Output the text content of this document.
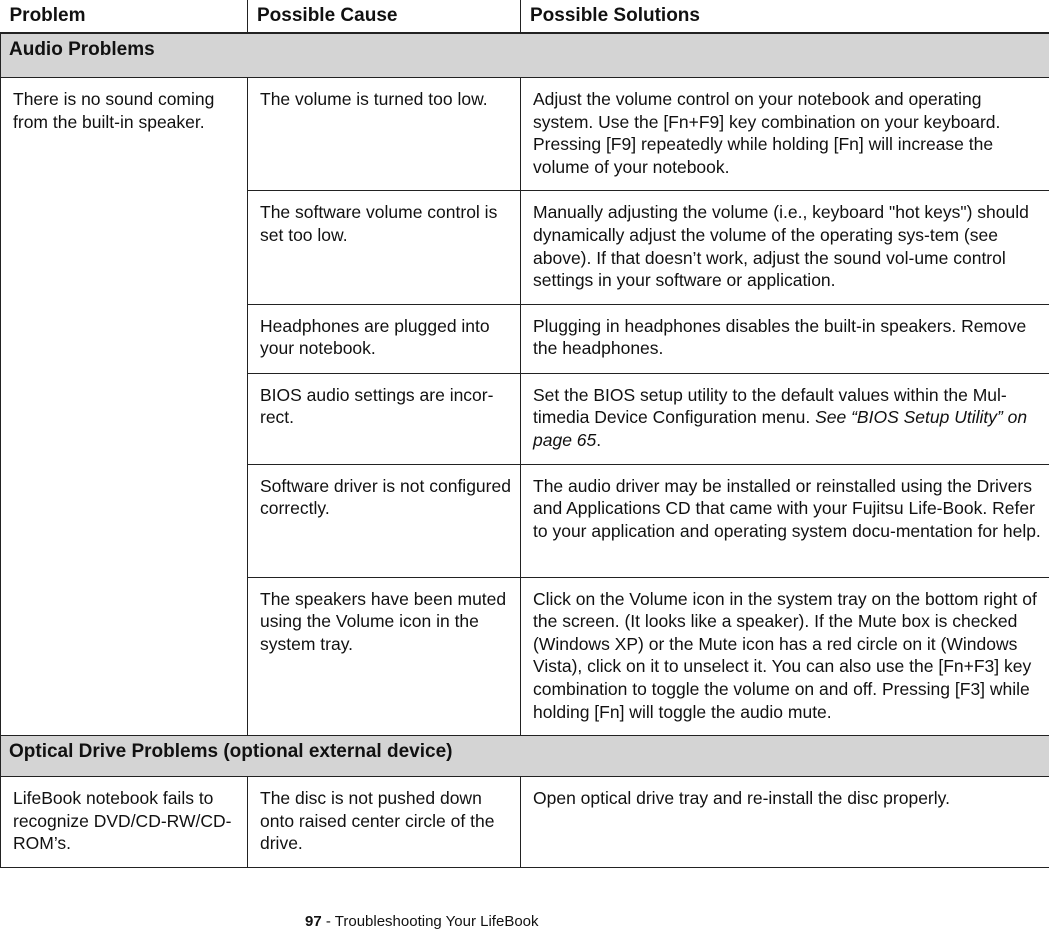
Problem	Possible Cause	Possible Solutions
Audio Problems		
There is no sound coming from the built-in speaker.	The volume is turned too low.	Adjust the volume control on your notebook and operating system. Use the [Fn+F9] key combination on your keyboard. Pressing [F9] repeatedly while holding [Fn] will increase the volume of your notebook.
	The software volume control is set too low.	Manually adjusting the volume (i.e., keyboard "hot keys") should dynamically adjust the volume of the operating sys-tem (see above). If that doesn’t work, adjust the sound vol-ume control settings in your software or application.
	Headphones are plugged into your notebook.	Plugging in headphones disables the built-in speakers. Remove the headphones.
	BIOS audio settings are incor-rect.	Set the BIOS setup utility to the default values within the Mul-timedia Device Configuration menu. See “BIOS Setup Utility” on page 65.
	Software driver is not configured correctly.	The audio driver may be installed or reinstalled using the Drivers and Applications CD that came with your Fujitsu Life-Book. Refer to your application and operating system docu-mentation for help.
	The speakers have been muted using the Volume icon in the system tray.	Click on the Volume icon in the system tray on the bottom right of the screen. (It looks like a speaker). If the Mute box is checked (Windows XP) or the Mute icon has a red circle on it (Windows Vista), click on it to unselect it. You can also use the [Fn+F3] key combination to toggle the volume on and off. Pressing [F3] while holding [Fn] will toggle the audio mute.
Optical Drive Problems (optional external device)		
LifeBook notebook fails to recognize DVD/CD-RW/CD-ROM’s.	The disc is not pushed down onto raised center circle of the drive.	Open optical drive tray and re-install the disc properly.
97 - Troubleshooting Your LifeBook
